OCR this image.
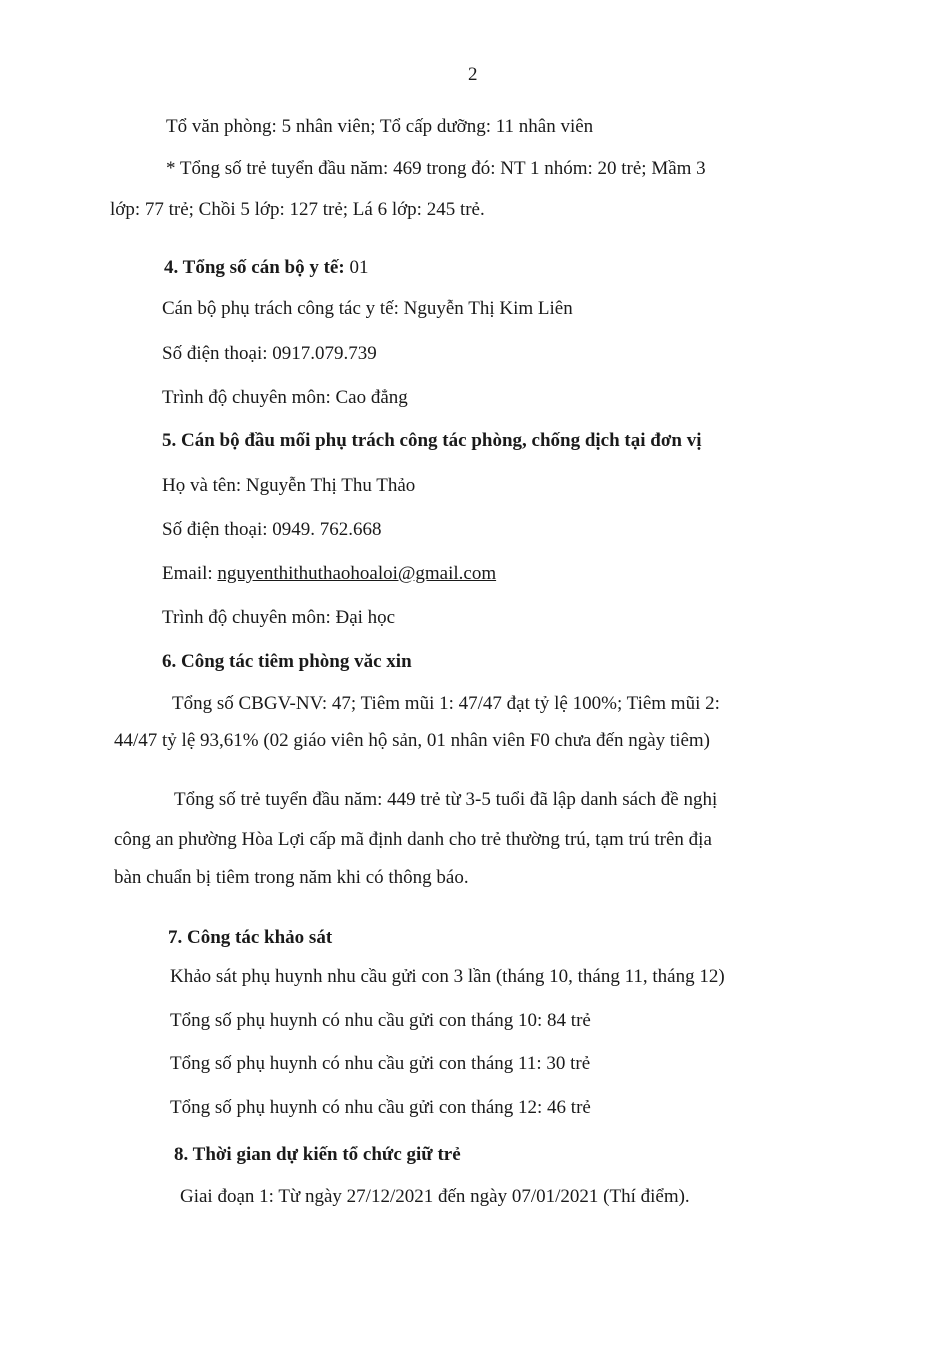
2
Tổ văn phòng: 5 nhân viên; Tổ cấp dưỡng: 11 nhân viên
* Tổng số trẻ tuyển đầu năm: 469 trong đó: NT 1 nhóm: 20 trẻ; Mầm 3
lớp: 77 trẻ; Chồi 5 lớp: 127 trẻ; Lá 6 lớp: 245 trẻ.
4. Tổng số cán bộ y tế: 01
Cán bộ phụ trách công tác y tế: Nguyễn Thị Kim Liên
Số điện thoại: 0917.079.739
Trình độ chuyên môn: Cao đẳng
5. Cán bộ đầu mối phụ trách công tác phòng, chống dịch tại đơn vị
Họ và tên: Nguyễn Thị Thu Thảo
Số điện thoại: 0949. 762.668
Email: nguyenthithuthaohoaloi@gmail.com
Trình độ chuyên môn: Đại học
6. Công tác tiêm phòng văc xin
Tổng số CBGV-NV: 47; Tiêm mũi 1: 47/47 đạt tỷ lệ 100%; Tiêm mũi 2:
44/47 tỷ lệ 93,61% (02 giáo viên hộ sản, 01 nhân viên F0 chưa đến ngày tiêm)
Tổng số trẻ tuyển đầu năm: 449 trẻ từ 3-5 tuổi đã lập danh sách đề nghị
công an phường Hòa Lợi cấp mã định danh cho trẻ thường trú, tạm trú trên địa
bàn chuẩn bị tiêm trong năm khi có thông báo.
7. Công tác khảo sát
Khảo sát phụ huynh nhu cầu gửi con 3 lần (tháng 10, tháng 11, tháng 12)
Tổng số phụ huynh có nhu cầu gửi con tháng 10: 84 trẻ
Tổng số phụ huynh có nhu cầu gửi con tháng 11: 30 trẻ
Tổng số phụ huynh có nhu cầu gửi con tháng 12: 46 trẻ
8. Thời gian dự kiến tổ chức giữ trẻ
Giai đoạn 1: Từ ngày 27/12/2021 đến ngày 07/01/2021 (Thí điểm).
